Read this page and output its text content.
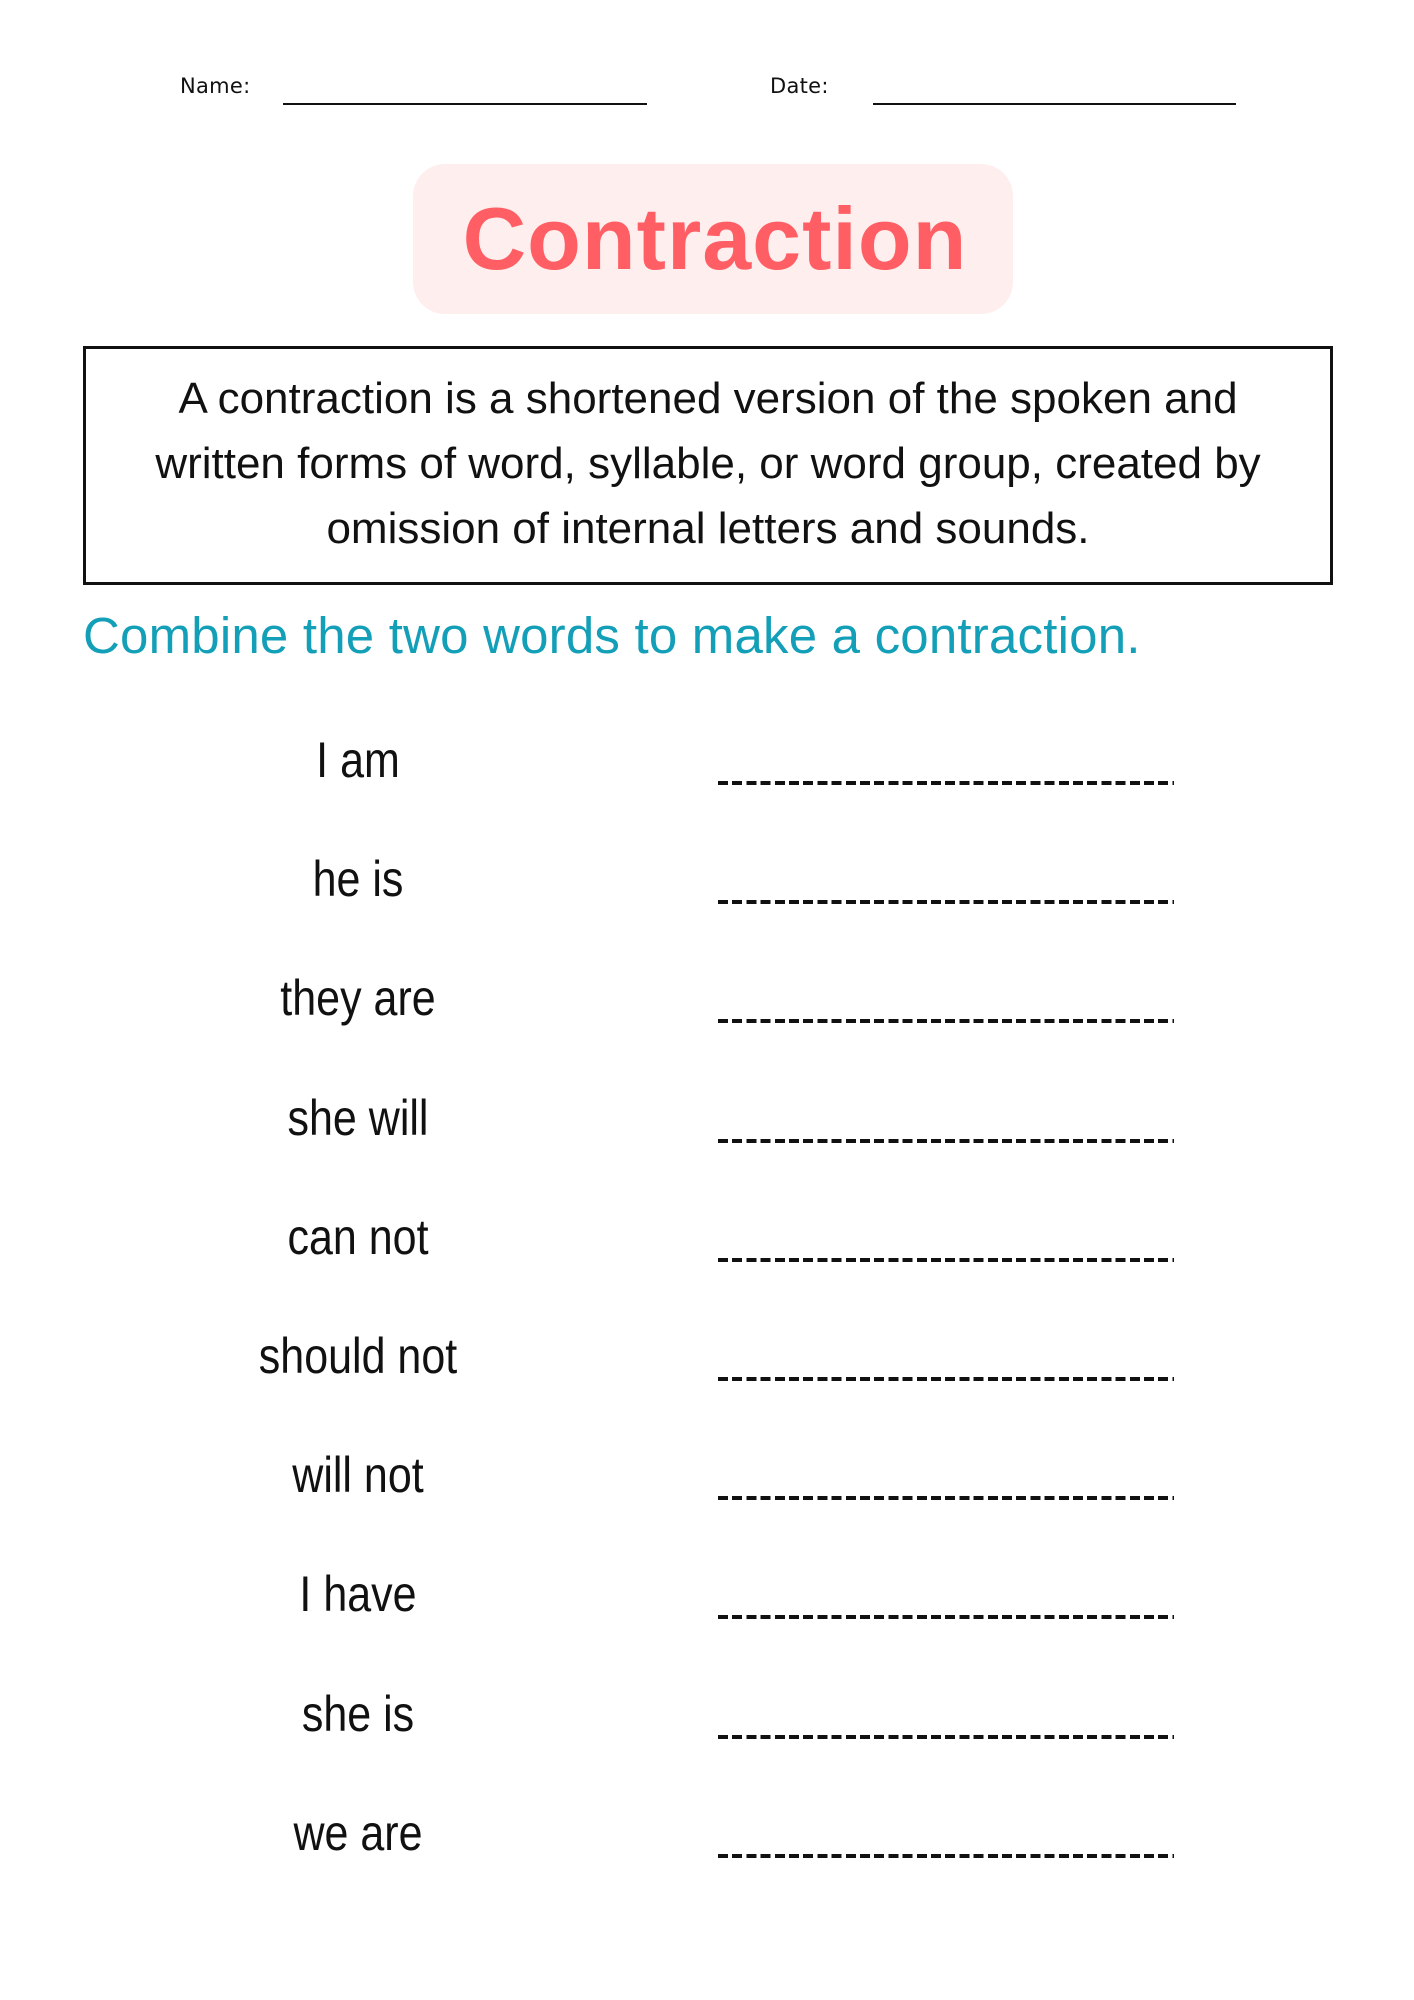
Name:	Date:
Contraction
A contraction is a shortened version of the spoken and written forms of word, syllable, or word group, created by omission of internal letters and sounds.
Combine the two words to make a contraction.
I am
he is
they are
she will
can not
should not
will not
I have
she is
we are
